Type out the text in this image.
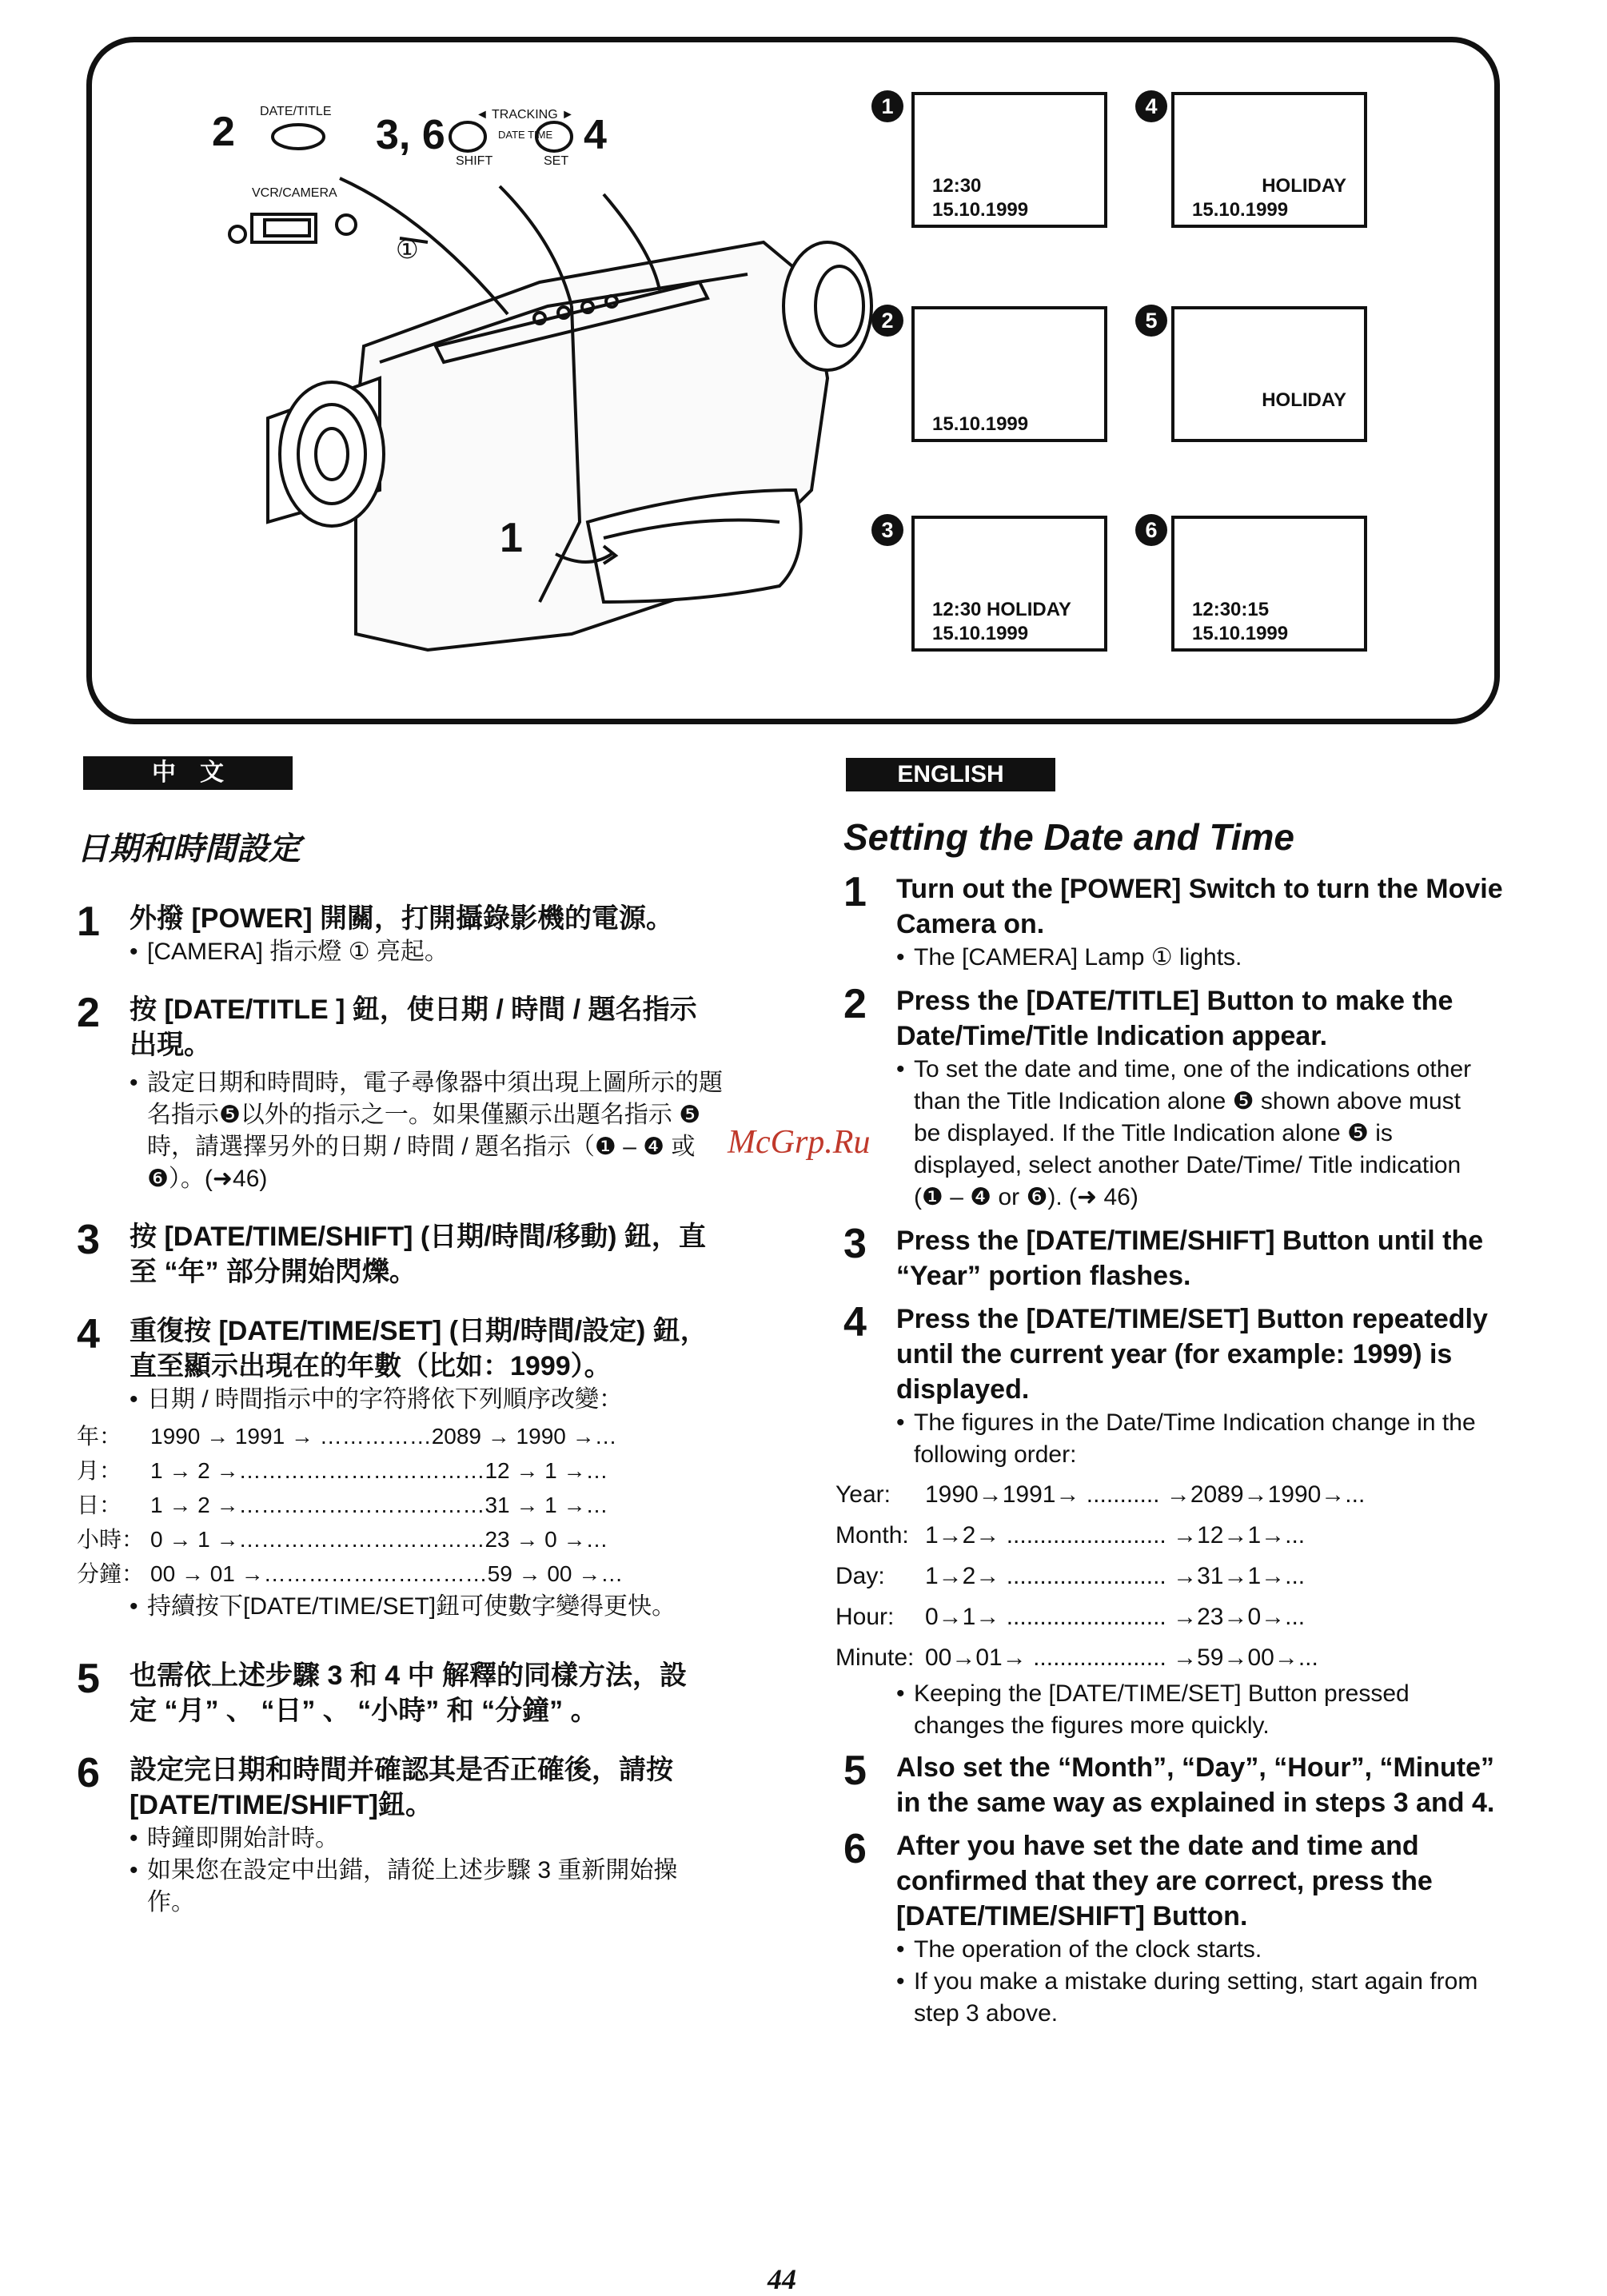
2 DATE/TITLE
3, 6 ◄ TRACKING ►
DATE TIME
SHIFT	SET
4
VCR/CAMERA
①
1
1
12:30
15.10.1999
4
HOLIDAY
15.10.1999
2
15.10.1999
5
HOLIDAY
3
12:30 HOLIDAY
15.10.1999
6
12:30:15
15.10.1999
中　文	ENGLISH
日期和時間設定
1 外撥 [POWER] 開關，打開攝錄影機的電源。
• [CAMERA] 指示燈 ① 亮起。
2 按 [DATE/TITLE ] 鈕，使日期 / 時間 / 題名指示出現。
• 設定日期和時間時，電子尋像器中須出現上圖所示的題名指示❺以外的指示之一。如果僅顯示出題名指示 ❺ 時，請選擇另外的日期 / 時間 / 題名指示（❶ – ❹ 或 ❻）。(➜46)
3 按 [DATE/TIME/SHIFT] (日期/時間/移動) 鈕，直至 “年” 部分開始閃爍。
4 重復按 [DATE/TIME/SET] (日期/時間/設定) 鈕，直至顯示出現在的年數（比如：1999）。
• 日期 / 時間指示中的字符將依下列順序改變：
年：	1990 → 1991 → ……………2089 → 1990 →…
月：	1 → 2 →……………………………12 → 1 →…
日：	1 → 2 →……………………………31 → 1 →…
小時： 0 → 1 →……………………………23 → 0 →…
分鐘： 00 → 01 →…………………………59 → 00 →…
• 持續按下[DATE/TIME/SET]鈕可使數字變得更快。
5 也需依上述步驟 3 和 4 中 解釋的同樣方法，設定 “月” 、 “日” 、 “小時” 和 “分鐘” 。
6 設定完日期和時間并確認其是否正確後，請按 [DATE/TIME/SHIFT]鈕。
• 時鐘即開始計時。
• 如果您在設定中出錯，請從上述步驟 3 重新開始操作。
Setting the Date and Time
1 Turn out the [POWER] Switch to turn the Movie Camera on.
• The [CAMERA] Lamp ① lights.
2 Press the [DATE/TITLE] Button to make the Date/Time/Title Indication appear.
• To set the date and time, one of the indications other than the Title Indication alone ❺ shown above must be displayed. If the Title Indication alone ❺ is displayed, select another Date/Time/ Title indication (❶ – ❹ or ❻). (➜ 46)
3 Press the [DATE/TIME/SHIFT] Button until the “Year” portion flashes.
4 Press the [DATE/TIME/SET] Button repeatedly until the current year (for example: 1999) is displayed.
• The figures in the Date/Time Indication change in the following order:
Year:	1990→1991→ ........... →2089→1990→...
Month: 1→2→ ........................ →12→1→...
Day:	1→2→ ........................ →31→1→...
Hour:	0→1→ ........................ →23→0→...
Minute: 00→01→ .................... →59→00→...
• Keeping the [DATE/TIME/SET] Button pressed changes the figures more quickly.
5 Also set the “Month”, “Day”, “Hour”, “Minute” in the same way as explained in steps 3 and 4.
6 After you have set the date and time and confirmed that they are correct, press the [DATE/TIME/SHIFT] Button.
• The operation of the clock starts.
• If you make a mistake during setting, start again from step 3 above.
McGrp.Ru
44
